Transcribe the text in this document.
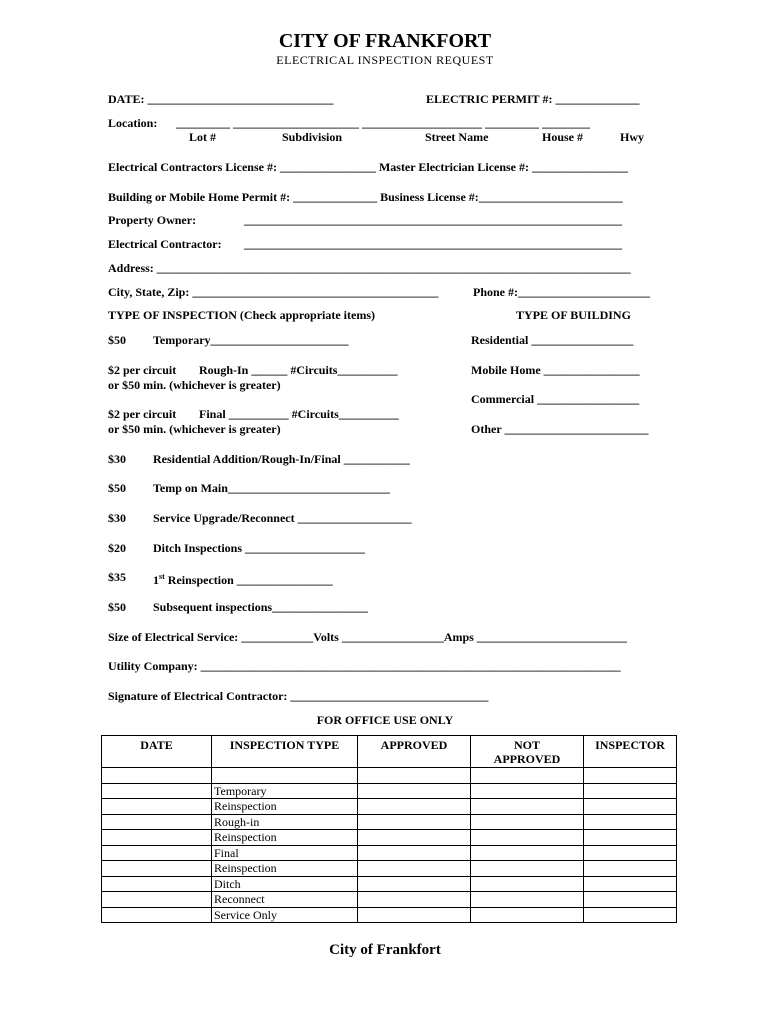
CITY OF FRANKFORT
ELECTRICAL INSPECTION REQUEST
DATE: _______________________________	ELECTRIC PERMIT #: ______________
Location: _________ _____________________ ____________________ _________ ________
Lot #	Subdivision	Street Name	House #	Hwy
Electrical Contractors License #: ________________ Master Electrician License #: ________________
Building or Mobile Home Permit #: ______________ Business License #:________________________
Property Owner:	_______________________________________________________________
Electrical Contractor: _______________________________________________________________
Address: _______________________________________________________________________________
City, State, Zip: _________________________________________	Phone #:______________________
TYPE OF INSPECTION (Check appropriate items)	TYPE OF BUILDING
$50 Temporary_______________________	Residential _________________
$2 per circuit Rough-In ______ #Circuits__________
or $50 min. (whichever is greater)
Mobile Home ________________
Commercial _________________
$2 per circuit Final __________ #Circuits__________
or $50 min. (whichever is greater)	Other ________________________
$30 Residential Addition/Rough-In/Final ___________
$50 Temp on Main___________________________
$30 Service Upgrade/Reconnect ___________________
$20 Ditch Inspections ____________________
$35 1st Reinspection ________________
$50 Subsequent inspections________________
Size of Electrical Service: ____________Volts _________________Amps _________________________
Utility Company: ______________________________________________________________________
Signature of Electrical Contractor: _________________________________
FOR OFFICE USE ONLY
DATE	INSPECTION TYPE	APPROVED	NOT APPROVED	INSPECTOR

	Temporary			
	Reinspection			
	Rough-in			
	Reinspection			
	Final			
	Reinspection			
	Ditch			
	Reconnect			
	Service Only			
City of Frankfort
